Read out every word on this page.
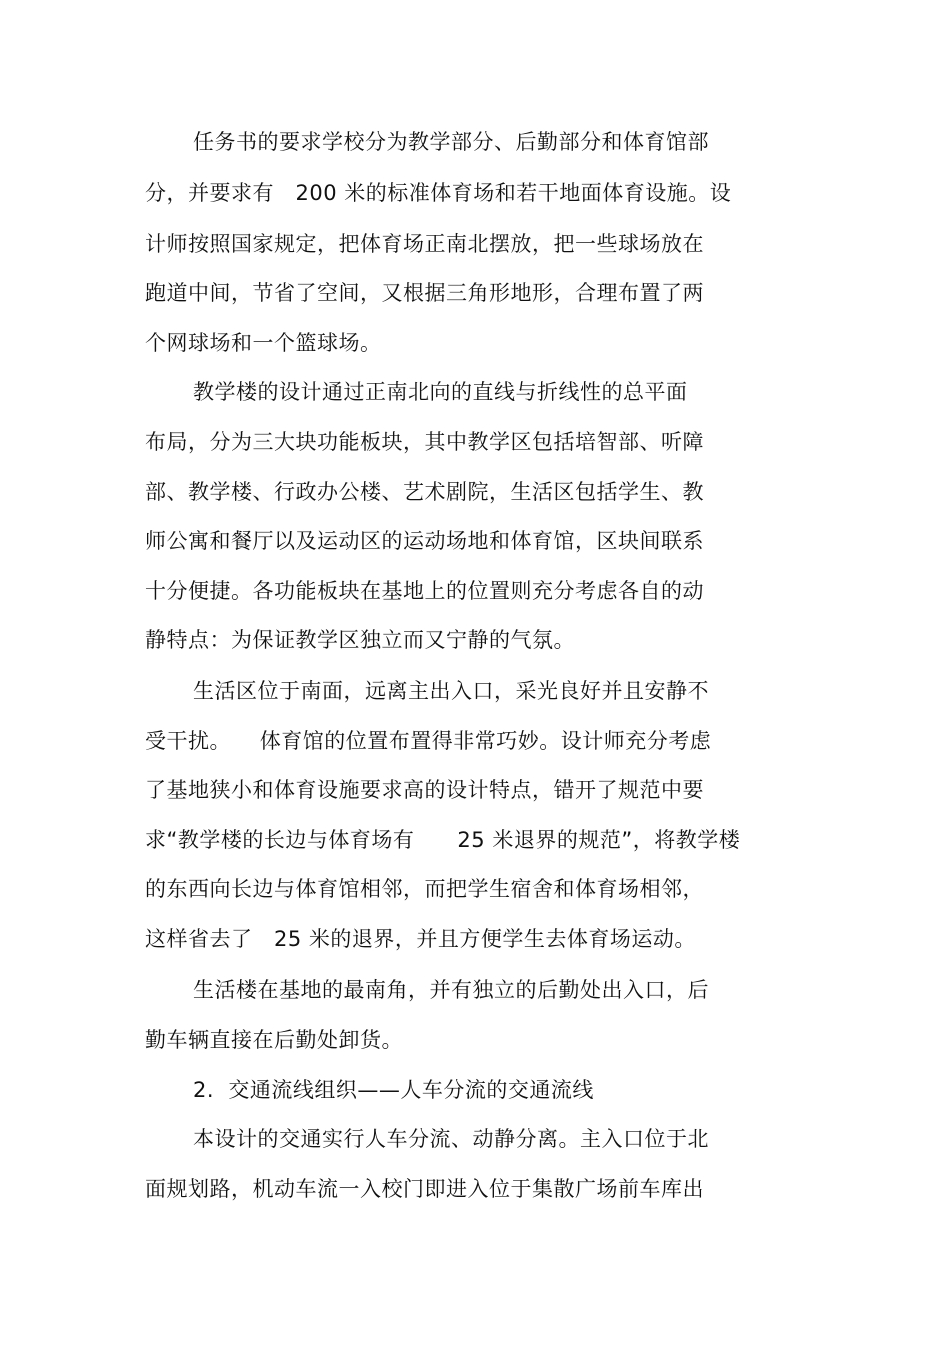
任务书的要求学校分为教学部分、后勤部分和体育馆部
分，并要求有   200 米的标准体育场和若干地面体育设施。设
计师按照国家规定，把体育场正南北摆放，把一些球场放在
跑道中间，节省了空间，又根据三角形地形，合理布置了两
个网球场和一个篮球场。
教学楼的设计通过正南北向的直线与折线性的总平面
布局，分为三大块功能板块，其中教学区包括培智部、听障
部、教学楼、行政办公楼、艺术剧院，生活区包括学生、教
师公寓和餐厅以及运动区的运动场地和体育馆，区块间联系
十分便捷。各功能板块在基地上的位置则充分考虑各自的动
静特点：为保证教学区独立而又宁静的气氛。
生活区位于南面，远离主出入口，采光良好并且安静不
受干扰。    体育馆的位置布置得非常巧妙。设计师充分考虑
了基地狭小和体育设施要求高的设计特点，错开了规范中要
求“教学楼的长边与体育场有      25 米退界的规范”，将教学楼
的东西向长边与体育馆相邻，而把学生宿舍和体育场相邻，
这样省去了   25 米的退界，并且方便学生去体育场运动。
生活楼在基地的最南角，并有独立的后勤处出入口，后
勤车辆直接在后勤处卸货。
2.  交通流线组织——人车分流的交通流线
本设计的交通实行人车分流、动静分离。主入口位于北
面规划路，机动车流一入校门即进入位于集散广场前车库出
